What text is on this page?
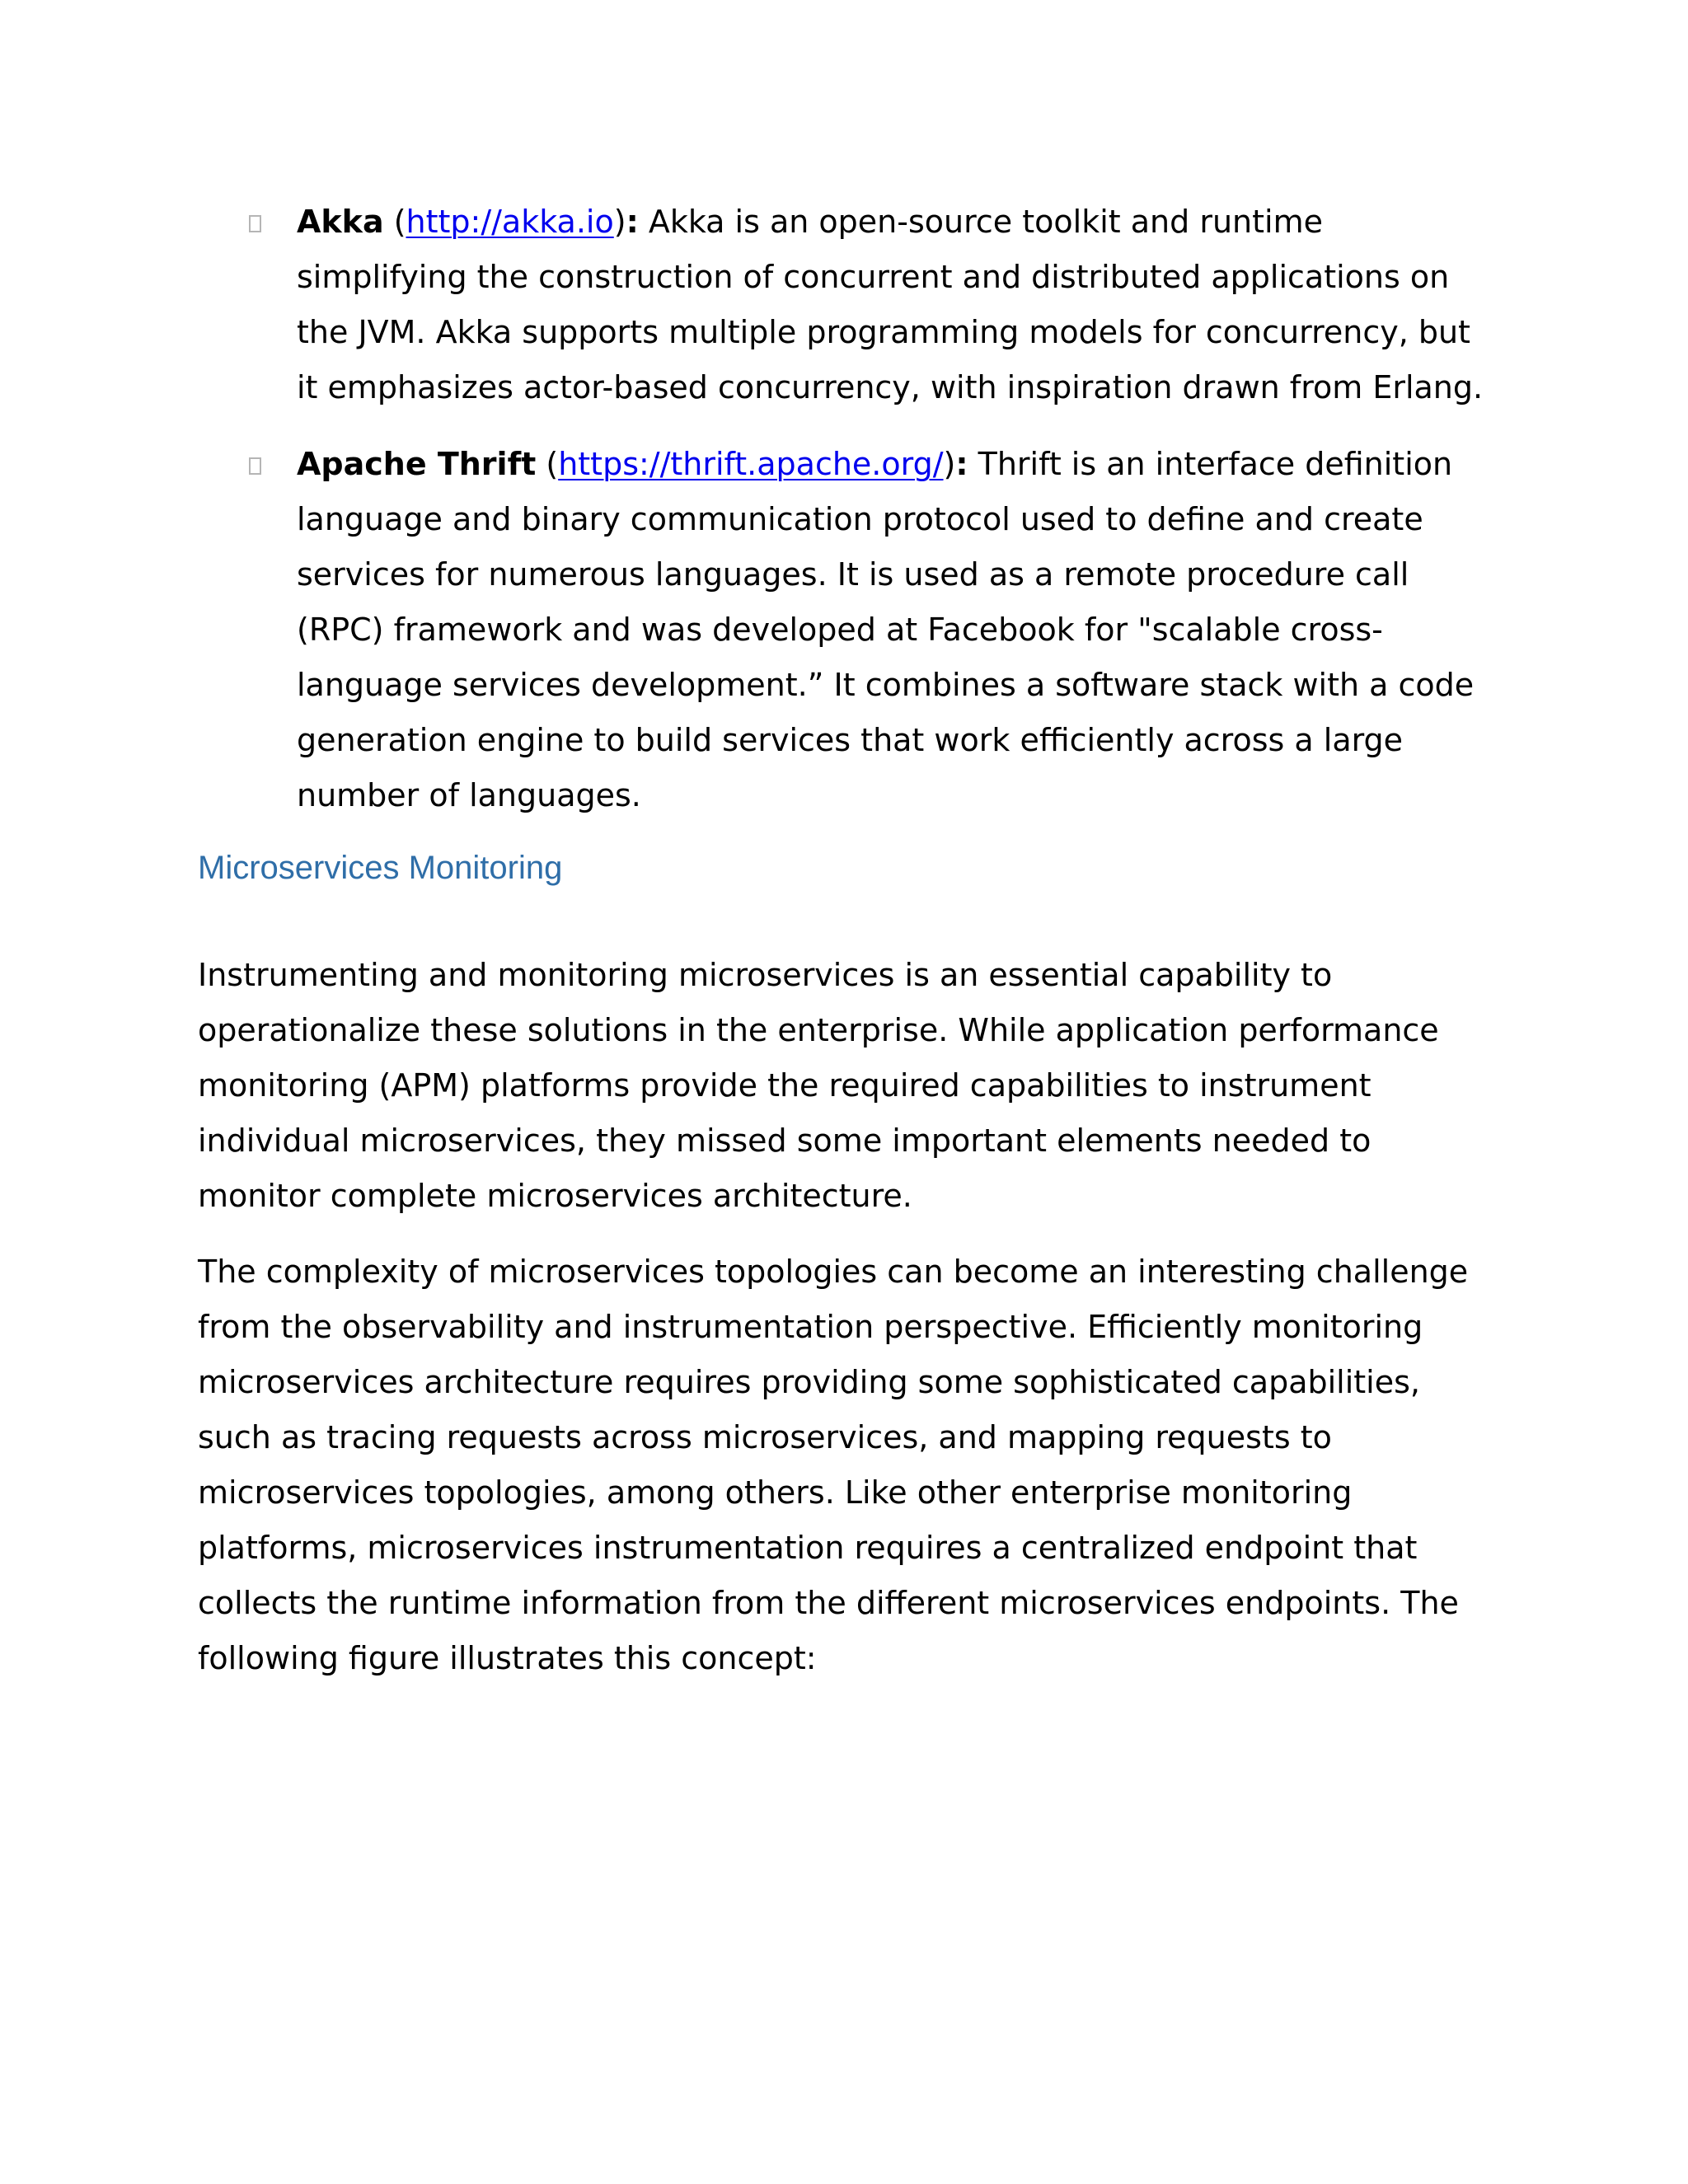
Akka (http://akka.io): Akka is an open-source toolkit and runtime simplifying the construction of concurrent and distributed applications on the JVM. Akka supports multiple programming models for concurrency, but it emphasizes actor-based concurrency, with inspiration drawn from Erlang.
Apache Thrift (https://thrift.apache.org/): Thrift is an interface definition language and binary communication protocol used to define and create services for numerous languages. It is used as a remote procedure call (RPC) framework and was developed at Facebook for "scalable cross-language services development.” It combines a software stack with a code generation engine to build services that work efficiently across a large number of languages.
Microservices Monitoring

Instrumenting and monitoring microservices is an essential capability to operationalize these solutions in the enterprise. While application performance monitoring (APM) platforms provide the required capabilities to instrument individual microservices, they missed some important elements needed to monitor complete microservices architecture.

The complexity of microservices topologies can become an interesting challenge from the observability and instrumentation perspective. Efficiently monitoring microservices architecture requires providing some sophisticated capabilities, such as tracing requests across microservices, and mapping requests to microservices topologies, among others. Like other enterprise monitoring platforms, microservices instrumentation requires a centralized endpoint that collects the runtime information from the different microservices endpoints. The following figure illustrates this concept:
